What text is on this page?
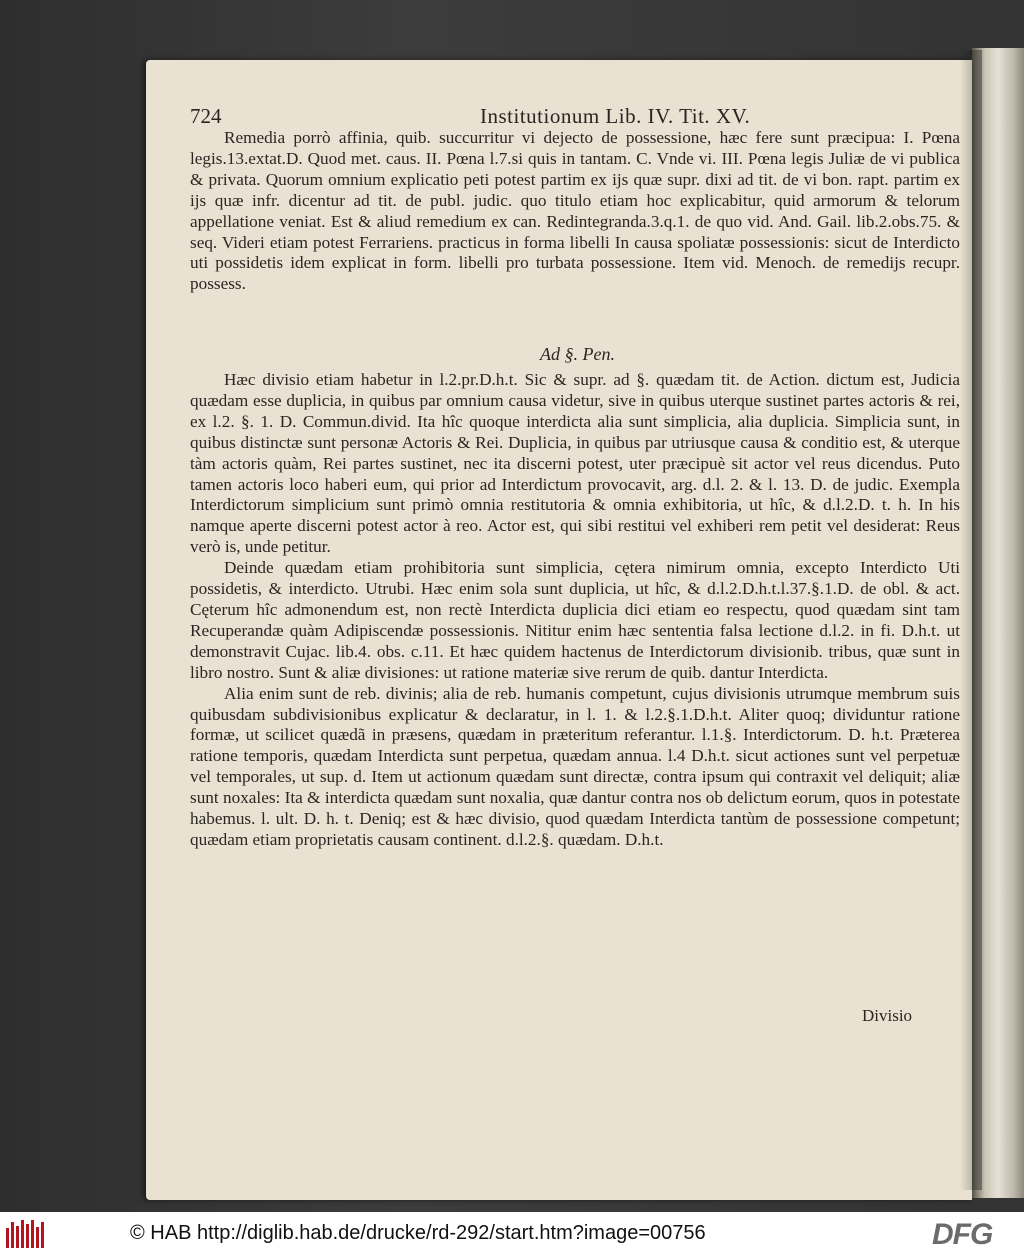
724	Institutionum Lib. IV. Tit. XV.

Remedia porrò affinia, quib. succurritur vi dejecto de possessione, hæc fere sunt præcipua: I. Pœna legis.13.extat.D. Quod met. caus. II. Pœna l.7.si quis in tantam. C. Vnde vi. III. Pœna legis Juliæ de vi publica & privata. Quorum omnium explicatio peti potest partim ex ijs quæ supr. dixi ad tit. de vi bon. rapt. partim ex ijs quæ infr. dicentur ad tit. de publ. judic. quo titulo etiam hoc explicabitur, quid armorum & telorum appellatione veniat. Est & aliud remedium ex can. Redintegranda.3.q.1. de quo vid. And. Gail. lib.2.obs.75. & seq. Videri etiam potest Ferrariens. practicus in forma libelli In causa spoliatæ possessionis: sicut de Interdicto uti possidetis idem explicat in form. libelli pro turbata possessione. Item vid. Menoch. de remedijs recupr. possess.

Ad §. Pen.

Hæc divisio etiam habetur in l.2.pr.D.h.t. Sic & supr. ad §. quædam tit. de Action. dictum est, Judicia quædam esse duplicia, in quibus par omnium causa videtur, sive in quibus uterque sustinet partes actoris & rei, ex l.2. §. 1. D. Commun.divid. Ita hîc quoque interdicta alia sunt simplicia, alia duplicia. Simplicia sunt, in quibus distinctæ sunt personæ Actoris & Rei. Duplicia, in quibus par utriusque causa & conditio est, & uterque tàm actoris quàm, Rei partes sustinet, nec ita discerni potest, uter præcipuè sit actor vel reus dicendus. Puto tamen actoris loco haberi eum, qui prior ad Interdictum provocavit, arg. d.l. 2. & l. 13. D. de judic. Exempla Interdictorum simplicium sunt primò omnia restitutoria & omnia exhibitoria, ut hîc, & d.l.2.D. t. h. In his namque aperte discerni potest actor à reo. Actor est, qui sibi restitui vel exhiberi rem petit vel desiderat: Reus verò is, unde petitur.

Deinde quædam etiam prohibitoria sunt simplicia, cętera nimirum omnia, excepto Interdicto Uti possidetis, & interdicto. Utrubi. Hæc enim sola sunt duplicia, ut hîc, & d.l.2.D.h.t.l.37.§.1.D. de obl. & act. Cęterum hîc admonendum est, non rectè Interdicta duplicia dici etiam eo respectu, quod quædam sint tam Recuperandæ quàm Adipiscendæ possessionis. Nititur enim hæc sententia falsa lectione d.l.2. in fi. D.h.t. ut demonstravit Cujac. lib.4. obs. c.11. Et hæc quidem hactenus de Interdictorum divisionib. tribus, quæ sunt in libro nostro. Sunt & aliæ divisiones: ut ratione materiæ sive rerum de quib. dantur Interdicta.

Alia enim sunt de reb. divinis; alia de reb. humanis competunt, cujus divisionis utrumque membrum suis quibusdam subdivisionibus explicatur & declaratur, in l. 1. & l.2.§.1.D.h.t. Aliter quoq; dividuntur ratione formæ, ut scilicet quædã in præsens, quædam in præteritum referantur. l.1.§. Interdictorum. D. h.t. Præterea ratione temporis, quædam Interdicta sunt perpetua, quædam annua. l.4 D.h.t. sicut actiones sunt vel perpetuæ vel temporales, ut sup. d. Item ut actionum quædam sunt directæ, contra ipsum qui contraxit vel deliquit; aliæ sunt noxales: Ita & interdicta quædam sunt noxalia, quæ dantur contra nos ob delictum eorum, quos in potestate habemus. l. ult. D. h. t. Deniq; est & hæc divisio, quod quædam Interdicta tantùm de possessione competunt; quædam etiam proprietatis causam continent. d.l.2.§. quædam. D.h.t.

Divisio
© HAB http://diglib.hab.de/drucke/rd-292/start.htm?image=00756	DFG
